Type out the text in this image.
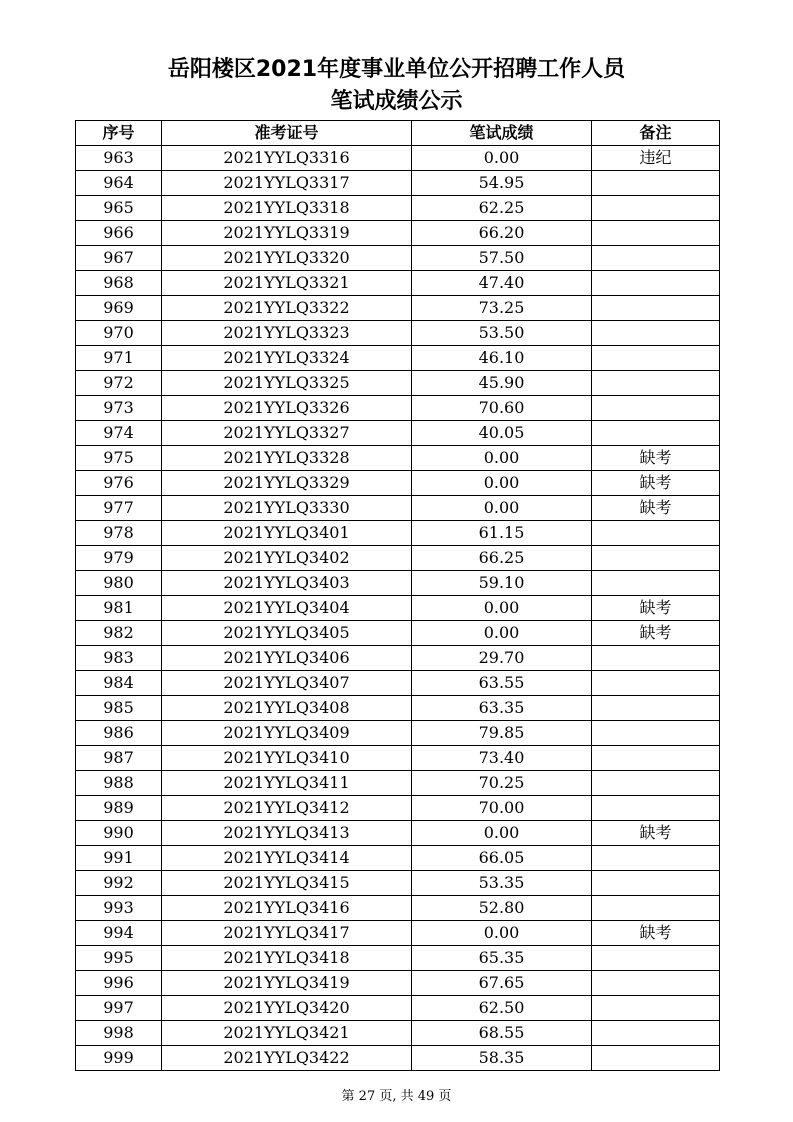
岳阳楼区2021年度事业单位公开招聘工作人员
笔试成绩公示
序号	准考证号	笔试成绩	备注
963	2021YYLQ3316	0.00	违纪
964	2021YYLQ3317	54.95	
965	2021YYLQ3318	62.25	
966	2021YYLQ3319	66.20	
967	2021YYLQ3320	57.50	
968	2021YYLQ3321	47.40	
969	2021YYLQ3322	73.25	
970	2021YYLQ3323	53.50	
971	2021YYLQ3324	46.10	
972	2021YYLQ3325	45.90	
973	2021YYLQ3326	70.60	
974	2021YYLQ3327	40.05	
975	2021YYLQ3328	0.00	缺考
976	2021YYLQ3329	0.00	缺考
977	2021YYLQ3330	0.00	缺考
978	2021YYLQ3401	61.15	
979	2021YYLQ3402	66.25	
980	2021YYLQ3403	59.10	
981	2021YYLQ3404	0.00	缺考
982	2021YYLQ3405	0.00	缺考
983	2021YYLQ3406	29.70	
984	2021YYLQ3407	63.55	
985	2021YYLQ3408	63.35	
986	2021YYLQ3409	79.85	
987	2021YYLQ3410	73.40	
988	2021YYLQ3411	70.25	
989	2021YYLQ3412	70.00	
990	2021YYLQ3413	0.00	缺考
991	2021YYLQ3414	66.05	
992	2021YYLQ3415	53.35	
993	2021YYLQ3416	52.80	
994	2021YYLQ3417	0.00	缺考
995	2021YYLQ3418	65.35	
996	2021YYLQ3419	67.65	
997	2021YYLQ3420	62.50	
998	2021YYLQ3421	68.55	
999	2021YYLQ3422	58.35	
第 27 页, 共 49 页
